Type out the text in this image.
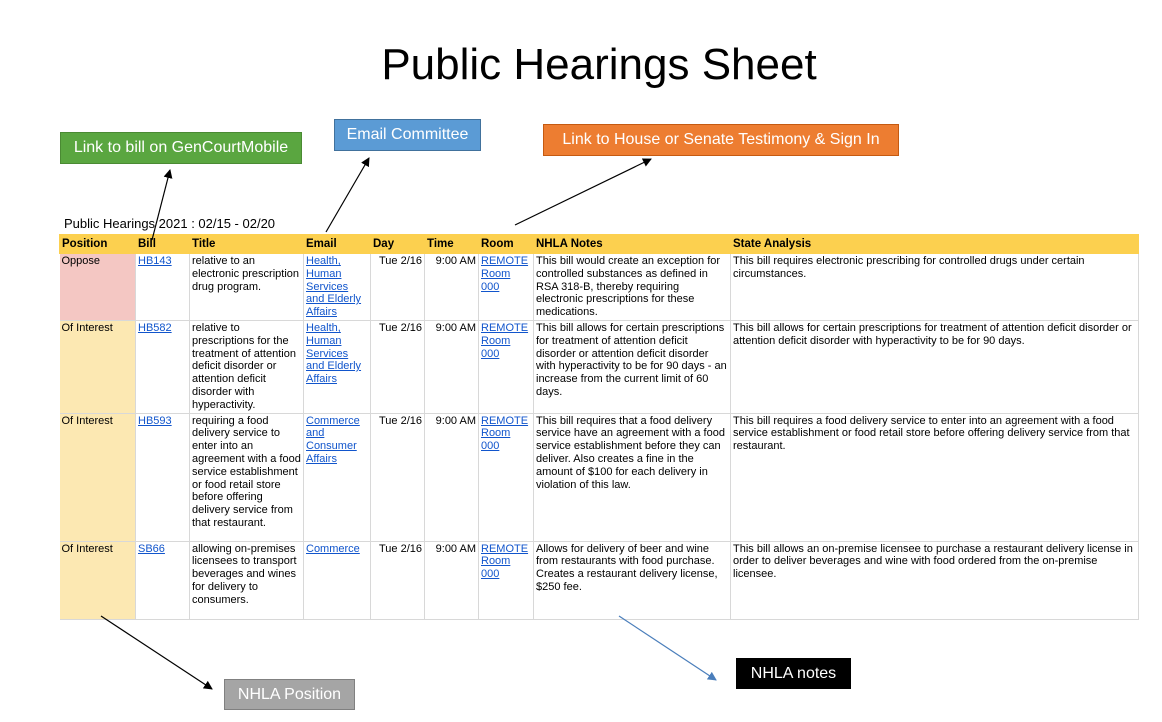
Public Hearings Sheet
Link to bill on GenCourtMobile
Email Committee	Link to House or Senate Testimony & Sign In
Public Hearings 2021 : 02/15 - 02/20
Position	Bill	Title	Email	Day	Time	Room	NHLA Notes	State Analysis
Oppose	HB143	relative to an electronic prescription drug program.	Health, Human Services and Elderly Affairs	Tue 2/16	9:00 AM	REMOTE Room 000	This bill would create an exception for controlled substances as defined in RSA 318-B, thereby requiring electronic prescriptions for these medications.	This bill requires electronic prescribing for controlled drugs under certain circumstances.
Of Interest	HB582	relative to prescriptions for the treatment of attention deficit disorder or attention deficit disorder with hyperactivity.	Health, Human Services and Elderly Affairs	Tue 2/16	9:00 AM	REMOTE Room 000	This bill allows for certain prescriptions for treatment of attention deficit disorder or attention deficit disorder with hyperactivity to be for 90 days - an increase from the current limit of 60 days.	This bill allows for certain prescriptions for treatment of attention deficit disorder or attention deficit disorder with hyperactivity to be for 90 days.
Of Interest	HB593	requiring a food delivery service to enter into an agreement with a food service establishment or food retail store before offering delivery service from that restaurant.	Commerce and Consumer Affairs	Tue 2/16	9:00 AM	REMOTE Room 000	This bill requires that a food delivery service have an agreement with a food service establishment before they can deliver. Also creates a fine in the amount of $100 for each delivery in violation of this law.	This bill requires a food delivery service to enter into an agreement with a food service establishment or food retail store before offering delivery service from that restaurant.
Of Interest	SB66	allowing on-premises licensees to transport beverages and wines for delivery to consumers.	Commerce	Tue 2/16	9:00 AM	REMOTE Room 000	Allows for delivery of beer and wine from restaurants with food purchase. Creates a restaurant delivery license, $250 fee.	This bill allows an on-premise licensee to purchase a restaurant delivery license in order to deliver beverages and wine with food ordered from the on-premise licensee.
NHLA Position
NHLA notes
